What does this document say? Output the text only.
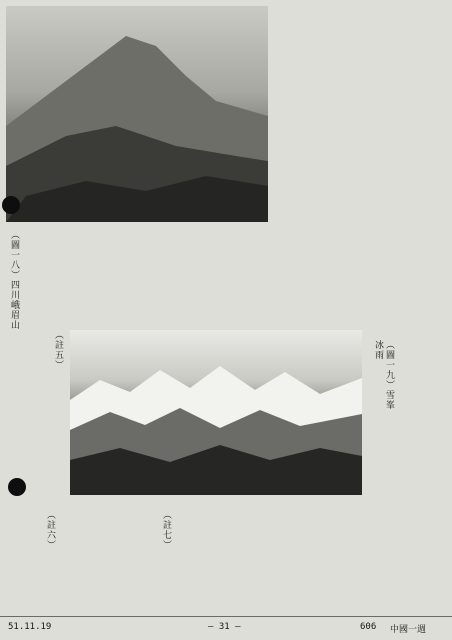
（圖一八）四川峨眉山
（圖一九）雪峯冰雨
（註五）
（註六）	（註七）
51.11.19	— 31 —	606 中國一週
